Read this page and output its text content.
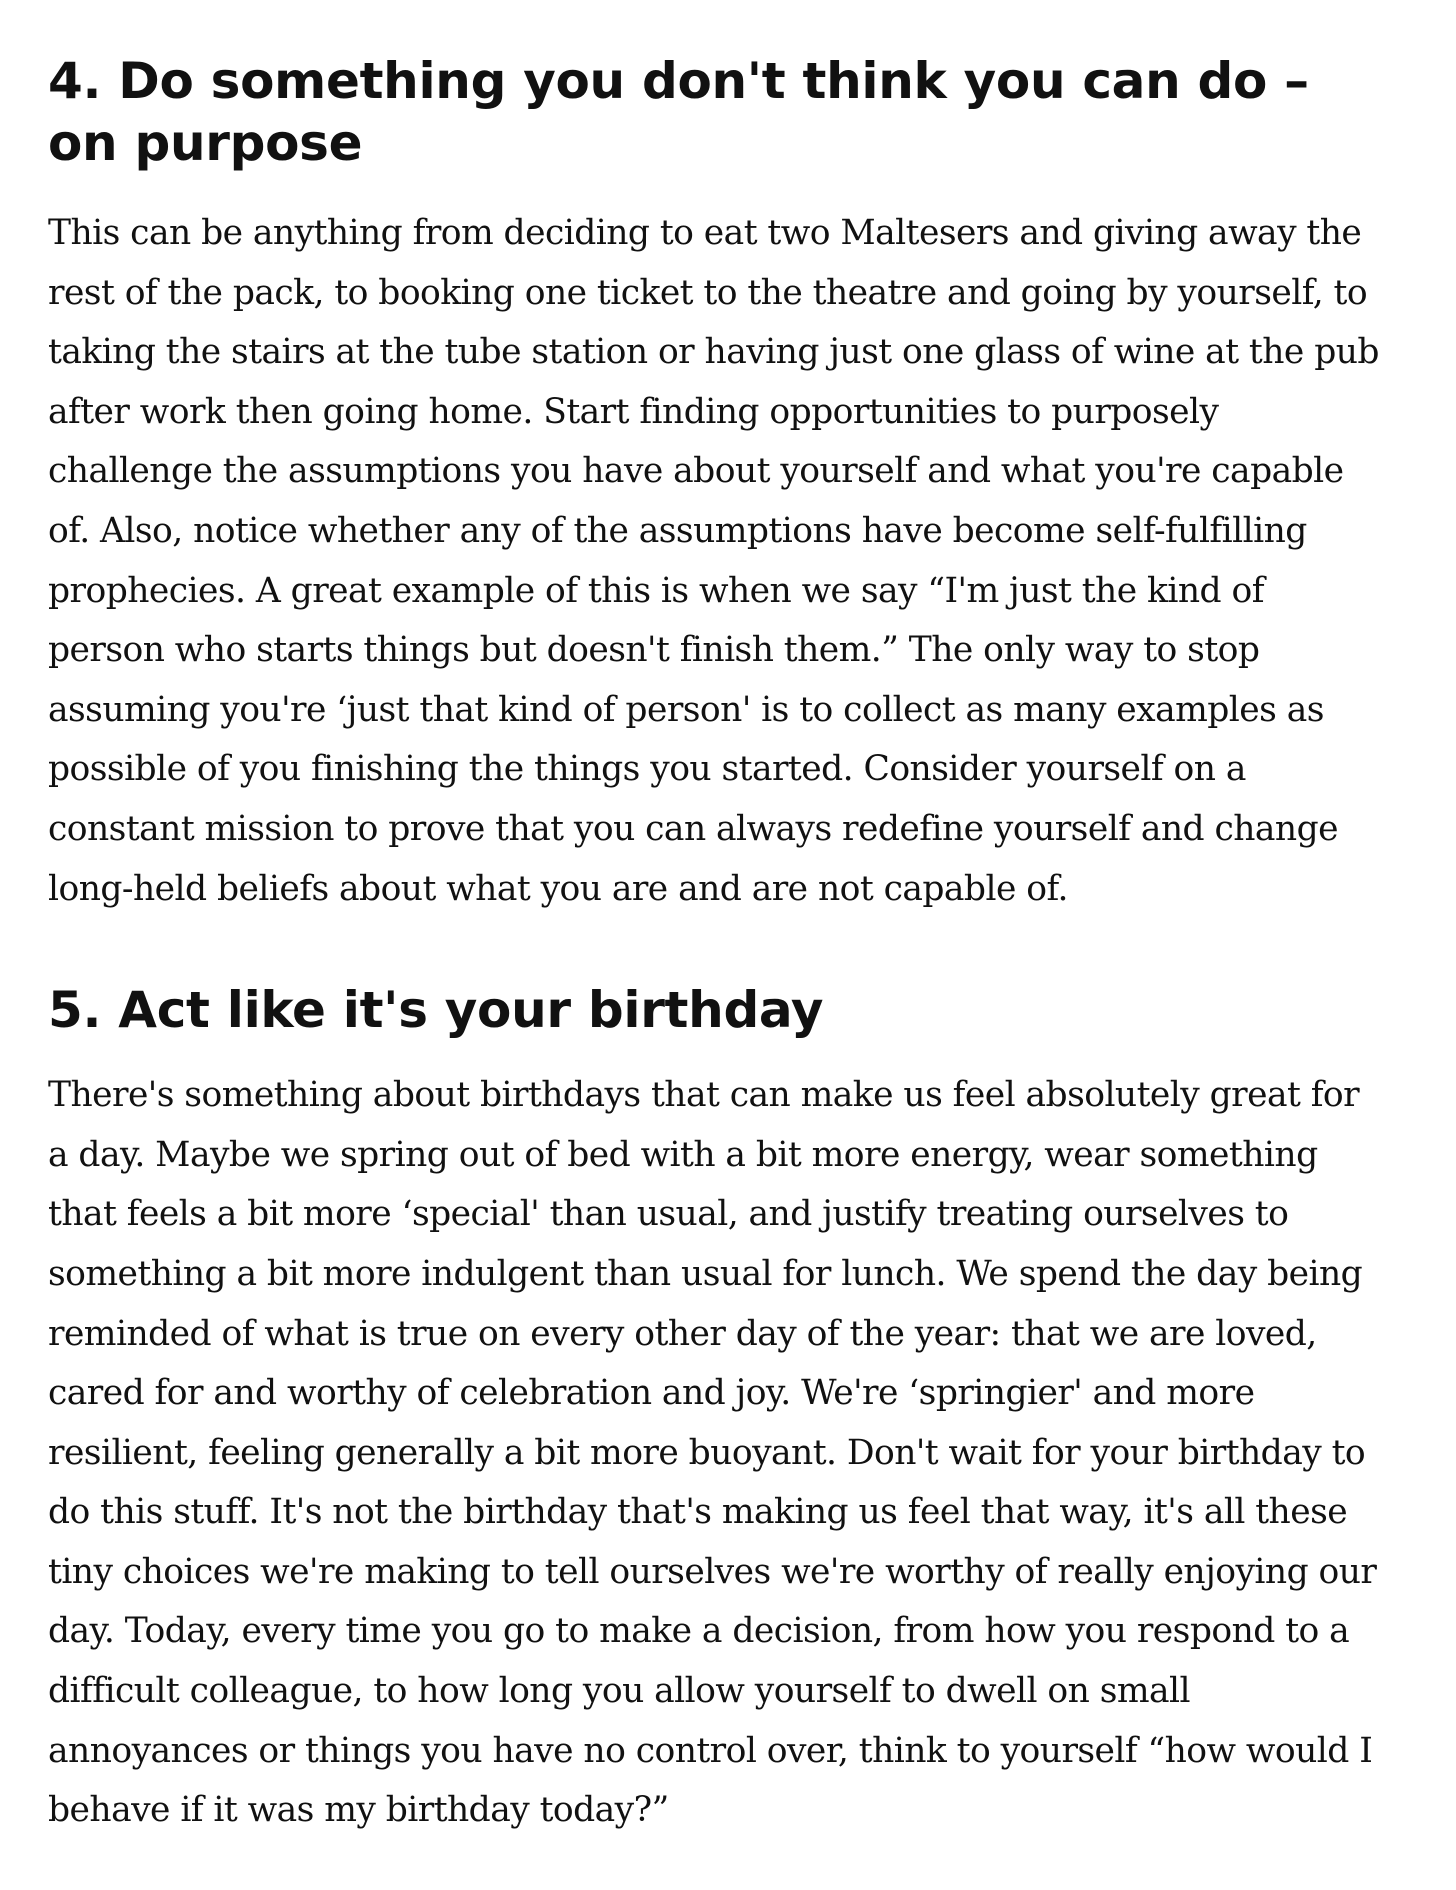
4. Do something you don't think you can do – on purpose

This can be anything from deciding to eat two Maltesers and giving away the rest of the pack, to booking one ticket to the theatre and going by yourself, to taking the stairs at the tube station or having just one glass of wine at the pub after work then going home. Start finding opportunities to purposely challenge the assumptions you have about yourself and what you're capable of. Also, notice whether any of the assumptions have become self-fulfilling prophecies. A great example of this is when we say “I'm just the kind of person who starts things but doesn't finish them.” The only way to stop assuming you're ‘just that kind of person' is to collect as many examples as possible of you finishing the things you started. Consider yourself on a constant mission to prove that you can always redefine yourself and change long-held beliefs about what you are and are not capable of.

5. Act like it's your birthday

There's something about birthdays that can make us feel absolutely great for a day. Maybe we spring out of bed with a bit more energy, wear something that feels a bit more ‘special' than usual, and justify treating ourselves to something a bit more indulgent than usual for lunch. We spend the day being reminded of what is true on every other day of the year: that we are loved, cared for and worthy of celebration and joy. We're ‘springier' and more resilient, feeling generally a bit more buoyant. Don't wait for your birthday to do this stuff. It's not the birthday that's making us feel that way, it's all these tiny choices we're making to tell ourselves we're worthy of really enjoying our day. Today, every time you go to make a decision, from how you respond to a difficult colleague, to how long you allow yourself to dwell on small annoyances or things you have no control over, think to yourself “how would I behave if it was my birthday today?”
